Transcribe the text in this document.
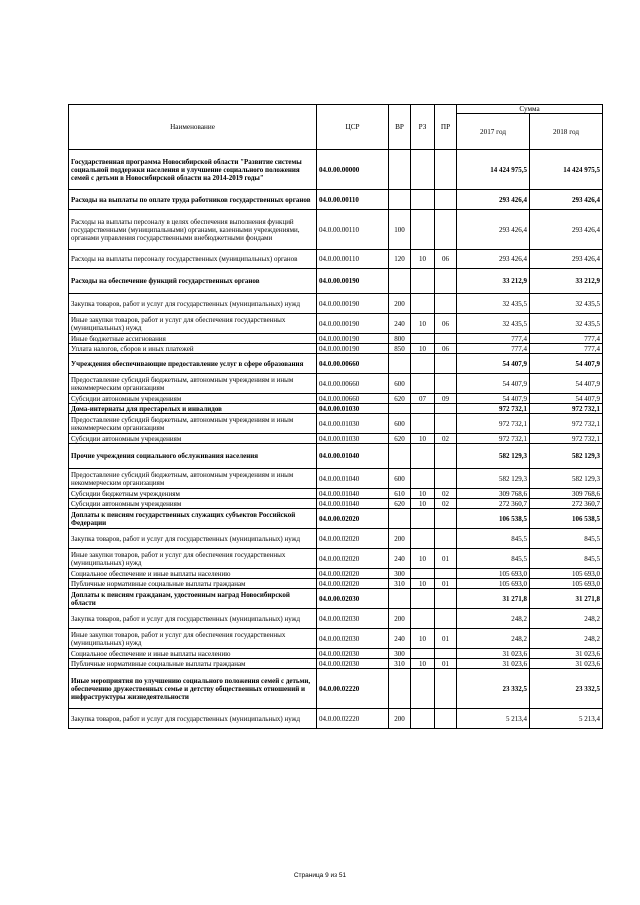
Наименование	ЦСР	ВР	РЗ	ПР	Сумма	
					2017 год	2018 год
Государственная программа Новосибирской области "Развитие системы социальной поддержки населения и улучшение социального положения семей с детьми в Новосибирской области на 2014-2019 годы"	04.0.00.00000				14 424 975,5	14 424 975,5
Расходы на выплаты по оплате труда работников государственных органов	04.0.00.00110				293 426,4	293 426,4
Расходы на выплаты персоналу в целях обеспечения выполнения функций государственными (муниципальными) органами, казенными учреждениями, органами управления государственными внебюджетными фондами	04.0.00.00110	100			293 426,4	293 426,4
Расходы на выплаты персоналу государственных (муниципальных) органов	04.0.00.00110	120	10	06	293 426,4	293 426,4
Расходы на обеспечение функций государственных органов	04.0.00.00190				33 212,9	33 212,9
Закупка товаров, работ и услуг для государственных (муниципальных) нужд	04.0.00.00190	200			32 435,5	32 435,5
Иные закупки товаров, работ и услуг для обеспечения государственных (муниципальных) нужд	04.0.00.00190	240	10	06	32 435,5	32 435,5
Иные бюджетные ассигнования	04.0.00.00190	800			777,4	777,4
Уплата налогов, сборов и иных платежей	04.0.00.00190	850	10	06	777,4	777,4
Учреждения обеспечивающие предоставление услуг в сфере образования	04.0.00.00660				54 407,9	54 407,9
Предоставление субсидий бюджетным, автономным учреждениям и иным некоммерческим организациям	04.0.00.00660	600			54 407,9	54 407,9
Субсидии автономным учреждениям	04.0.00.00660	620	07	09	54 407,9	54 407,9
Дома-интернаты для престарелых и инвалидов	04.0.00.01030				972 732,1	972 732,1
Предоставление субсидий бюджетным, автономным учреждениям и иным некоммерческим организациям	04.0.00.01030	600			972 732,1	972 732,1
Субсидии автономным учреждениям	04.0.00.01030	620	10	02	972 732,1	972 732,1
Прочие учреждения социального обслуживания населения	04.0.00.01040				582 129,3	582 129,3
Предоставление субсидий бюджетным, автономным учреждениям и иным некоммерческим организациям	04.0.00.01040	600			582 129,3	582 129,3
Субсидии бюджетным учреждениям	04.0.00.01040	610	10	02	309 768,6	309 768,6
Субсидии автономным учреждениям	04.0.00.01040	620	10	02	272 360,7	272 360,7
Доплаты к пенсиям государственных служащих субъектов Российской Федерации	04.0.00.02020				106 538,5	106 538,5
Закупка товаров, работ и услуг для государственных (муниципальных) нужд	04.0.00.02020	200			845,5	845,5
Иные закупки товаров, работ и услуг для обеспечения государственных (муниципальных) нужд	04.0.00.02020	240	10	01	845,5	845,5
Социальное обеспечение и иные выплаты населению	04.0.00.02020	300			105 693,0	105 693,0
Публичные нормативные социальные выплаты гражданам	04.0.00.02020	310	10	01	105 693,0	105 693,0
Доплаты к пенсиям гражданам, удостоенным наград Новосибирской области	04.0.00.02030				31 271,8	31 271,8
Закупка товаров, работ и услуг для государственных (муниципальных) нужд	04.0.00.02030	200			248,2	248,2
Иные закупки товаров, работ и услуг для обеспечения государственных (муниципальных) нужд	04.0.00.02030	240	10	01	248,2	248,2
Социальное обеспечение и иные выплаты населению	04.0.00.02030	300			31 023,6	31 023,6
Публичные нормативные социальные выплаты гражданам	04.0.00.02030	310	10	01	31 023,6	31 023,6
Иные мероприятия по улучшению социального положения семей с детьми, обеспечению дружественных семье и детству общественных отношений и инфраструктуры жизнедеятельности	04.0.00.02220				23 332,5	23 332,5
Закупка товаров, работ и услуг для государственных (муниципальных) нужд	04.0.00.02220	200			5 213,4	5 213,4
Страница 9 из 51
